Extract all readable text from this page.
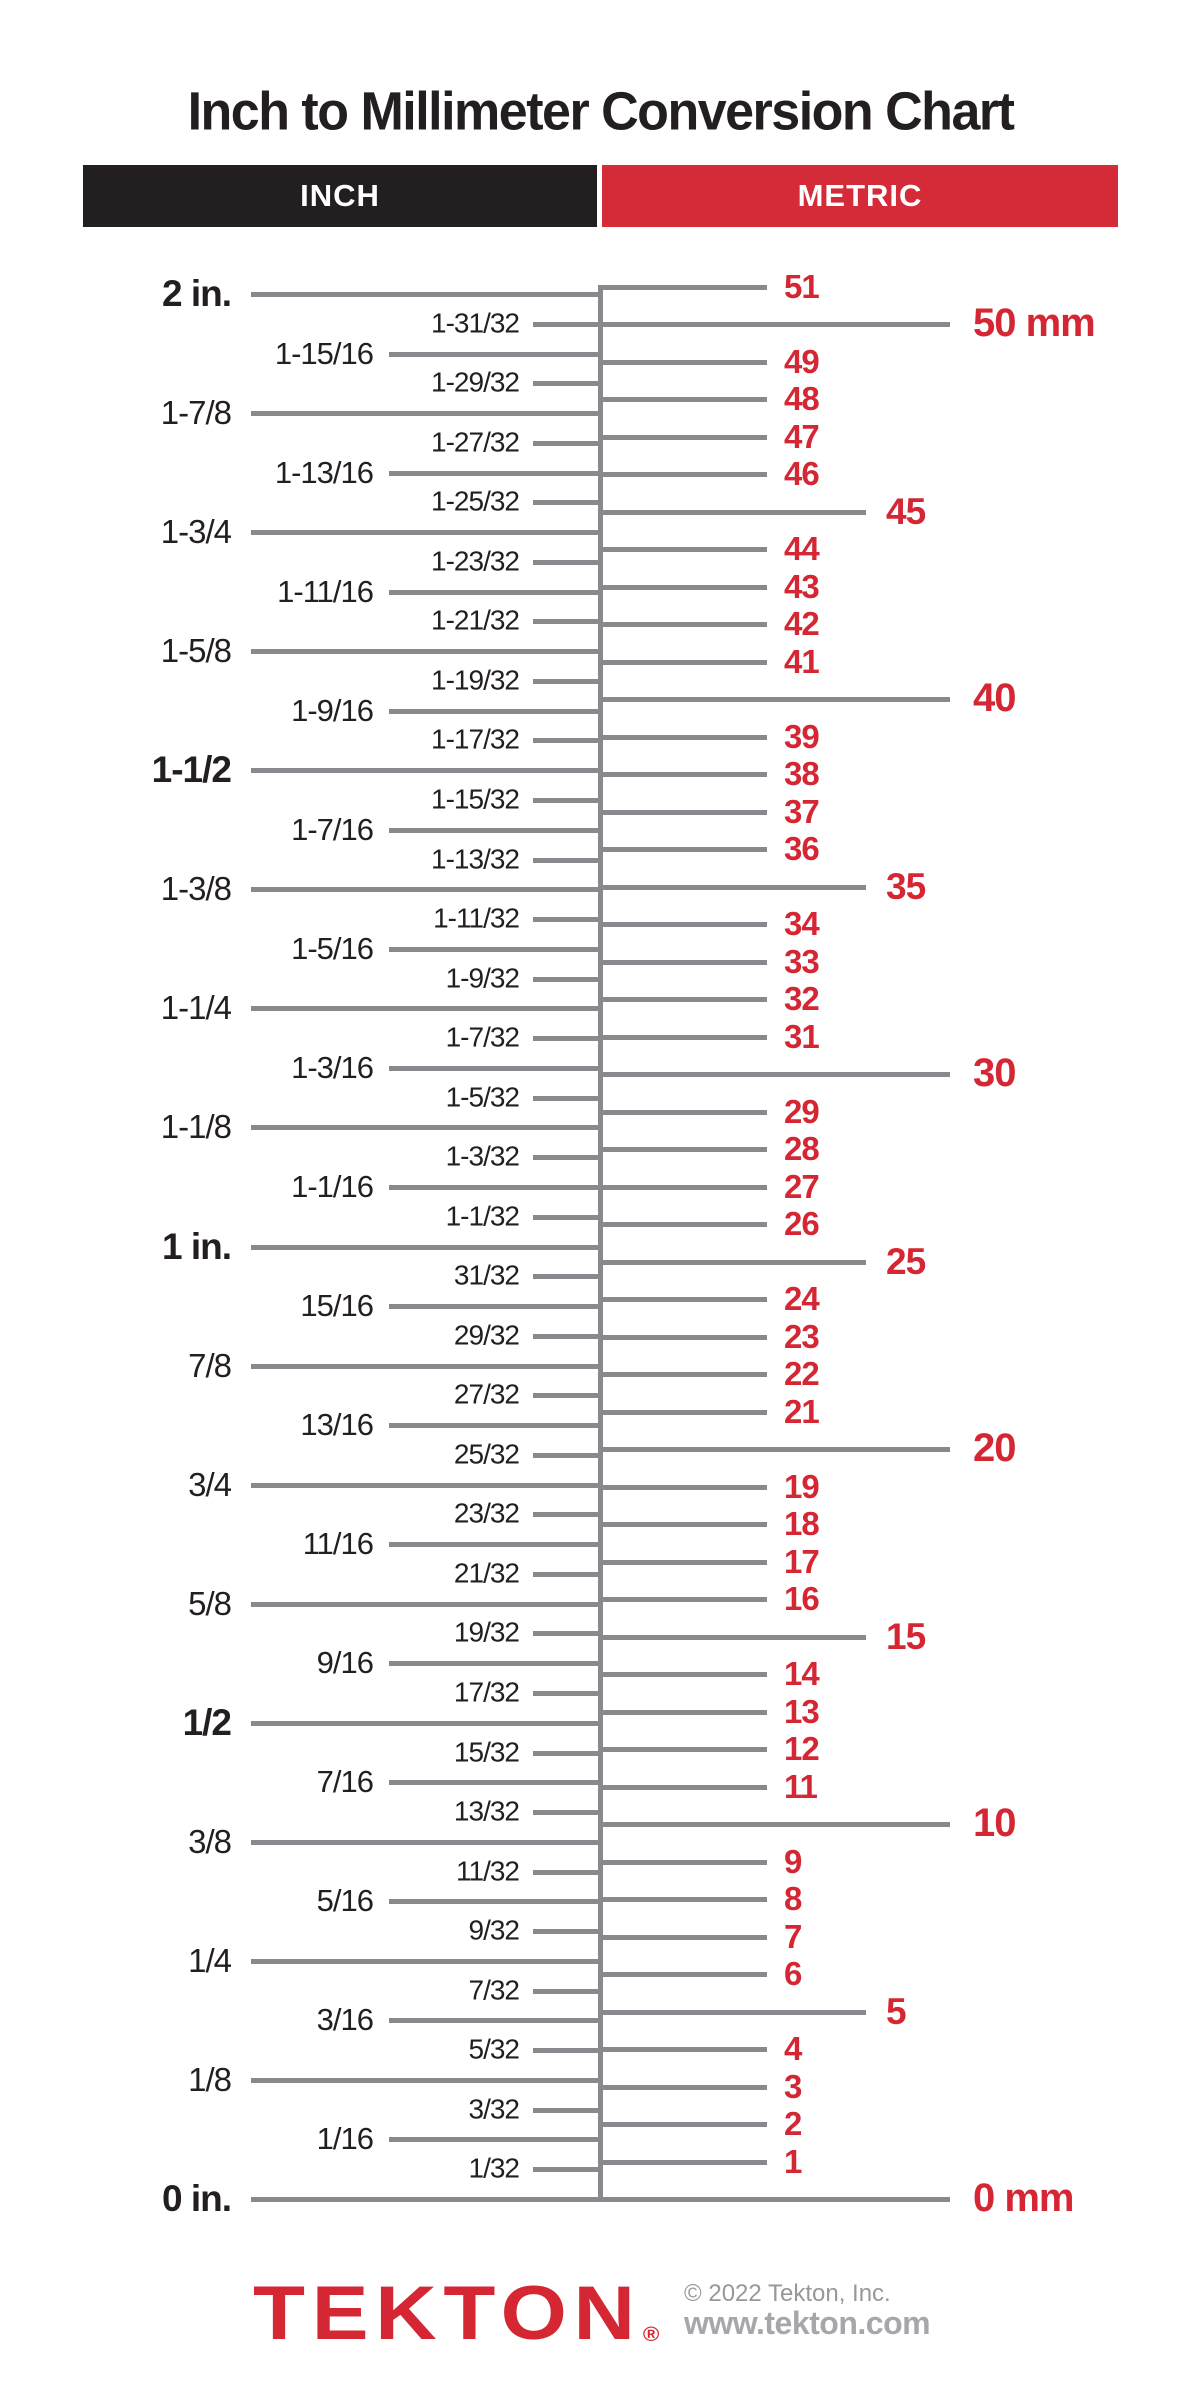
Inch to Millimeter Conversion Chart
INCH	METRIC
2 in.
1-31/32
1-15/16
1-29/32
1-7/8
1-27/32
1-13/16
1-25/32
1-3/4
1-23/32
1-11/16
1-21/32
1-5/8
1-19/32
1-9/16
1-17/32
1-1/2
1-15/32
1-7/16
1-13/32
1-3/8
1-11/32
1-5/16
1-9/32
1-1/4
1-7/32
1-3/16
1-5/32
1-1/8
1-3/32
1-1/16
1-1/32
1 in.
31/32
15/16
29/32
7/8
27/32
13/16
25/32
3/4
23/32
11/16
21/32
5/8
19/32
9/16
17/32
1/2
15/32
7/16
13/32
3/8
11/32
5/16
9/32
1/4
7/32
3/16
5/32
1/8
3/32
1/16
1/32
0 in.
51
50 mm
49
48
47
46
45
44
43
42
41
40
39
38
37
36
35
34
33
32
31
30
29
28
27
26
25
24
23
22
21
20
19
18
17
16
15
14
13
12
11
10
9
8
7
6
5
4
3
2
1
0 mm
TEKTON ®
© 2022 Tekton, Inc.
www.tekton.com
